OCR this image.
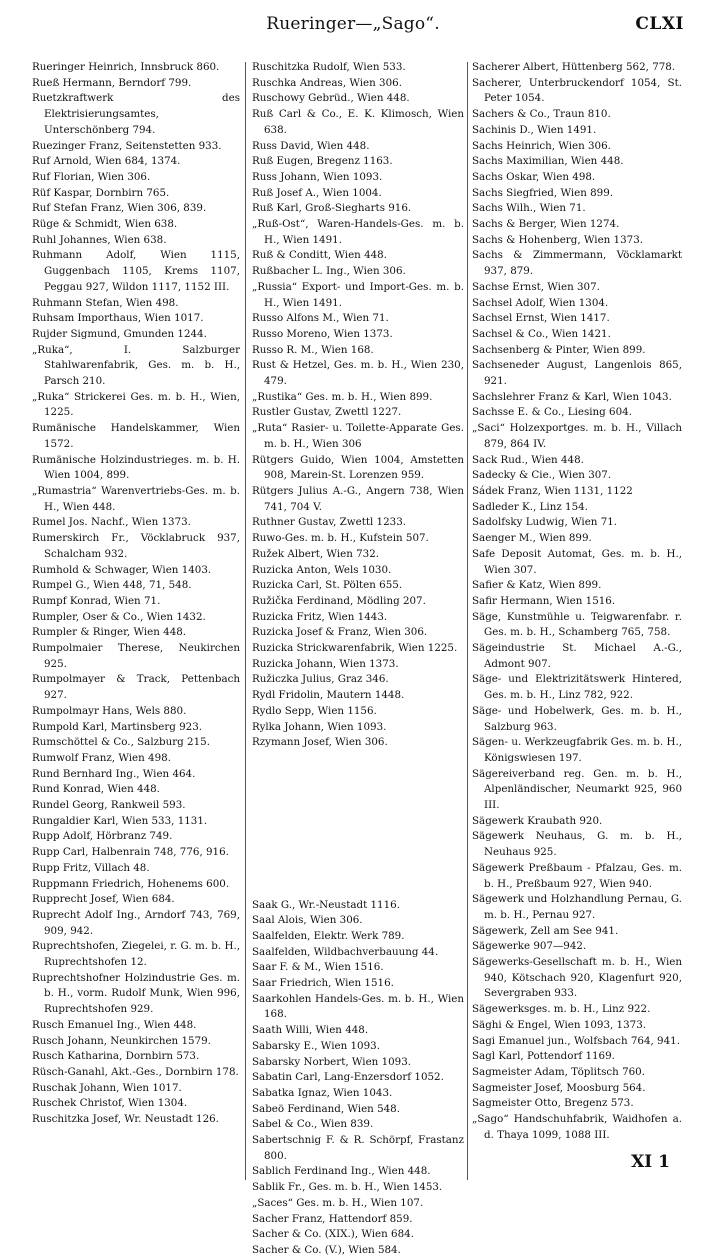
Rueringer—„Sago“.	CLXI

Rueringer Heinrich, Innsbruck 860.

Rueß Hermann, Berndorf 799.

Ruetzkraftwerk des Elektrisierungsamtes, Unterschönberg 794.

Ruezinger Franz, Seitenstetten 933.

Ruf Arnold, Wien 684, 1374.

Ruf Florian, Wien 306.

Rüf Kaspar, Dornbirn 765.

Ruf Stefan Franz, Wien 306, 839.

Rüge & Schmidt, Wien 638.

Ruhl Johannes, Wien 638.

Ruhmann Adolf, Wien 1115, Guggenbach 1105, Krems 1107, Peggau 927, Wildon 1117, 1152 III.

Ruhmann Stefan, Wien 498.

Ruhsam Importhaus, Wien 1017.

Rujder Sigmund, Gmunden 1244.

„Ruka“, I. Salzburger Stahlwarenfabrik, Ges. m. b. H., Parsch 210.

„Ruka“ Strickerei Ges. m. b. H., Wien, 1225.

Rumänische Handelskammer, Wien 1572.

Rumänische Holzindustrieges. m. b. H. Wien 1004, 899.

„Rumastria“ Warenvertriebs-Ges. m. b. H., Wien 448.

Rumel Jos. Nachf., Wien 1373.

Rumerskirch Fr., Vöcklabruck 937, Schalcham 932.

Rumhold & Schwager, Wien 1403.

Rumpel G., Wien 448, 71, 548.

Rumpf Konrad, Wien 71.

Rumpler, Oser & Co., Wien 1432.

Rumpler & Ringer, Wien 448.

Rumpolmaier Therese, Neukirchen 925.

Rumpolmayer & Track, Pettenbach 927.

Rumpolmayr Hans, Wels 880.

Rumpold Karl, Martinsberg 923.

Rumschöttel & Co., Salzburg 215.

Rumwolf Franz, Wien 498.

Rund Bernhard Ing., Wien 464.

Rund Konrad, Wien 448.

Rundel Georg, Rankweil 593.

Rungaldier Karl, Wien 533, 1131.

Rupp Adolf, Hörbranz 749.

Rupp Carl, Halbenrain 748, 776, 916.

Rupp Fritz, Villach 48.

Ruppmann Friedrich, Hohenems 600.

Rupprecht Josef, Wien 684.

Ruprecht Adolf Ing., Arndorf 743, 769, 909, 942.

Ruprechtshofen, Ziegelei, r. G. m. b. H., Ruprechtshofen 12.

Ruprechtshofner Holzindustrie Ges. m. b. H., vorm. Rudolf Munk, Wien 996, Ruprechtshofen 929.

Rusch Emanuel Ing., Wien 448.

Rusch Johann, Neunkirchen 1579.

Rusch Katharina, Dornbirn 573.

Rüsch-Ganahl, Akt.-Ges., Dornbirn 178.

Ruschak Johann, Wien 1017.

Ruschek Christof, Wien 1304.

Ruschitzka Josef, Wr. Neustadt 126.

Ruschitzka Rudolf, Wien 533.

Ruschka Andreas, Wien 306.

Ruschowy Gebrüd., Wien 448.

Ruß Carl & Co., E. K. Klimosch, Wien 638.

Russ David, Wien 448.

Ruß Eugen, Bregenz 1163.

Russ Johann, Wien 1093.

Ruß Josef A., Wien 1004.

Ruß Karl, Groß-Siegharts 916.

„Ruß-Ost“, Waren-Handels-Ges. m. b. H., Wien 1491.

Ruß & Conditt, Wien 448.

Rußbacher L. Ing., Wien 306.

„Russia“ Export- und Import-Ges. m. b. H., Wien 1491.

Russo Alfons M., Wien 71.

Russo Moreno, Wien 1373.

Russo R. M., Wien 168.

Rust & Hetzel, Ges. m. b. H., Wien 230, 479.

„Rustika“ Ges. m. b. H., Wien 899.

Rustler Gustav, Zwettl 1227.

„Ruta“ Rasier- u. Toilette-Apparate Ges. m. b. H., Wien 306

Rütgers Guido, Wien 1004, Amstetten 908, Marein-St. Lorenzen 959.

Rütgers Julius A.-G., Angern 738, Wien 741, 704 V.

Ruthner Gustav, Zwettl 1233.

Ruwo-Ges. m. b. H., Kufstein 507.

Ružek Albert, Wien 732.

Ruzicka Anton, Wels 1030.

Ruzicka Carl, St. Pölten 655.

Ružička Ferdinand, Mödling 207.

Ruzicka Fritz, Wien 1443.

Ruzicka Josef & Franz, Wien 306.

Ruzicka Strickwarenfabrik, Wien 1225.

Ruzicka Johann, Wien 1373.

Ružiczka Julius, Graz 346.

Rydl Fridolin, Mautern 1448.

Rydlo Sepp, Wien 1156.

Rylka Johann, Wien 1093.

Rzymann Josef, Wien 306.

Saak G., Wr.-Neustadt 1116.

Saal Alois, Wien 306.

Saalfelden, Elektr. Werk 789.

Saalfelden, Wildbachverbauung 44.

Saar F. & M., Wien 1516.

Saar Friedrich, Wien 1516.

Saarkohlen Handels-Ges. m. b. H., Wien 168.

Saath Willi, Wien 448.

Sabarsky E., Wien 1093.

Sabarsky Norbert, Wien 1093.

Sabatin Carl, Lang-Enzersdorf 1052.

Sabatka Ignaz, Wien 1043.

Sabeö Ferdinand, Wien 548.

Sabel & Co., Wien 839.

Sabertschnig F. & R. Schörpf, Frastanz 800.

Sablich Ferdinand Ing., Wien 448.

Sablik Fr., Ges. m. b. H., Wien 1453.

„Saces“ Ges. m. b. H., Wien 107.

Sacher Franz, Hattendorf 859.

Sacher & Co. (XIX.), Wien 684.

Sacher & Co. (V.), Wien 584.

Sacherer Albert, Hüttenberg 562, 778.

Sacherer, Unterbruckendorf 1054, St. Peter 1054.

Sachers & Co., Traun 810.

Sachinis D., Wien 1491.

Sachs Heinrich, Wien 306.

Sachs Maximilian, Wien 448.

Sachs Oskar, Wien 498.

Sachs Siegfried, Wien 899.

Sachs Wilh., Wien 71.

Sachs & Berger, Wien 1274.

Sachs & Hohenberg, Wien 1373.

Sachs & Zimmermann, Vöcklamarkt 937, 879.

Sachse Ernst, Wien 307.

Sachsel Adolf, Wien 1304.

Sachsel Ernst, Wien 1417.

Sachsel & Co., Wien 1421.

Sachsenberg & Pinter, Wien 899.

Sachseneder August, Langenlois 865, 921.

Sachslehrer Franz & Karl, Wien 1043.

Sachsse E. & Co., Liesing 604.

„Saci“ Holzexportges. m. b. H., Villach 879, 864 IV.

Sack Rud., Wien 448.

Sadecky & Cie., Wien 307.

Sádek Franz, Wien 1131, 1122

Sadleder K., Linz 154.

Sadolfsky Ludwig, Wien 71.

Saenger M., Wien 899.

Safe Deposit Automat, Ges. m. b. H., Wien 307.

Safier & Katz, Wien 899.

Safir Hermann, Wien 1516.

Säge, Kunstmühle u. Teigwarenfabr. r. Ges. m. b. H., Schamberg 765, 758.

Sägeindustrie St. Michael A.-G., Admont 907.

Säge- und Elektrizitätswerk Hintered, Ges. m. b. H., Linz 782, 922.

Säge- und Hobelwerk, Ges. m. b. H., Salzburg 963.

Sägen- u. Werkzeugfabrik Ges. m. b. H., Königswiesen 197.

Sägereiverband reg. Gen. m. b. H., Alpenländischer, Neumarkt 925, 960 III.

Sägewerk Kraubath 920.

Sägewerk Neuhaus, G. m. b. H., Neuhaus 925.

Sägewerk Preßbaum - Pfalzau, Ges. m. b. H., Preßbaum 927, Wien 940.

Sägewerk und Holzhandlung Pernau, G. m. b. H., Pernau 927.

Sägewerk, Zell am See 941.

Sägewerke 907—942.

Sägewerks-Gesellschaft m. b. H., Wien 940, Kötschach 920, Klagenfurt 920, Severgraben 933.

Sägewerksges. m. b. H., Linz 922.

Säghi & Engel, Wien 1093, 1373.

Sagi Emanuel jun., Wolfsbach 764, 941.

Sagl Karl, Pottendorf 1169.

Sagmeister Adam, Töplitsch 760.

Sagmeister Josef, Moosburg 564.

Sagmeister Otto, Bregenz 573.

„Sago“ Handschuhfabrik, Waidhofen a. d. Thaya 1099, 1088 III.

XI 1
